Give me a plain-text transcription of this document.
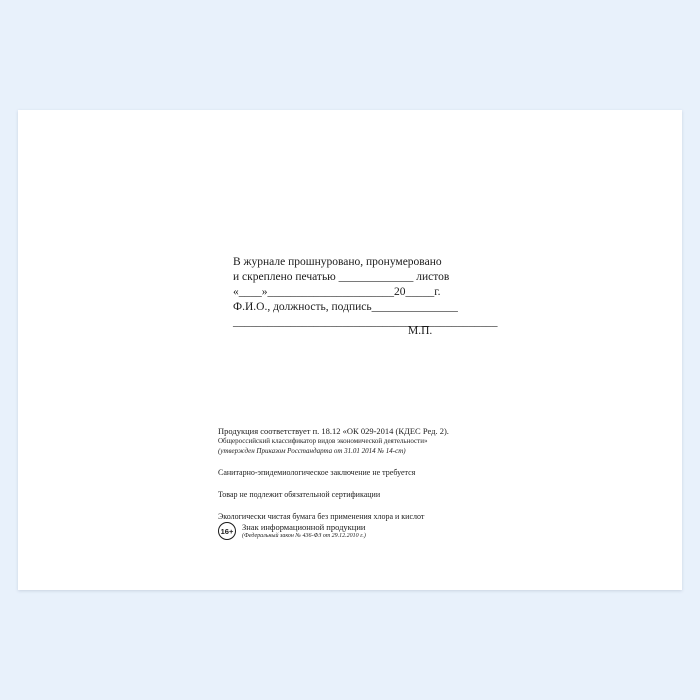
В журнале прошнуровано, пронумеровано
и скреплено печатью _____________ листов
«____»______________________20_____г.
Ф.И.О., должность, подпись_______________
______________________________________________
М.П.
Продукция соответствует п. 18.12 «ОК 029-2014 (КДЕС Ред. 2).
Общероссийский классификатор видов экономической деятельности»
(утвержден Приказом Росстандарта от 31.01 2014 № 14-ст)
Санитарно-эпидемиологическое заключение не требуется
Товар не подлежит обязательной сертификации
Экологически чистая бумага без применения хлора и кислот
16+	Знак информационной продукции
(Федеральный закон № 436-ФЗ от 29.12.2010 г.)
